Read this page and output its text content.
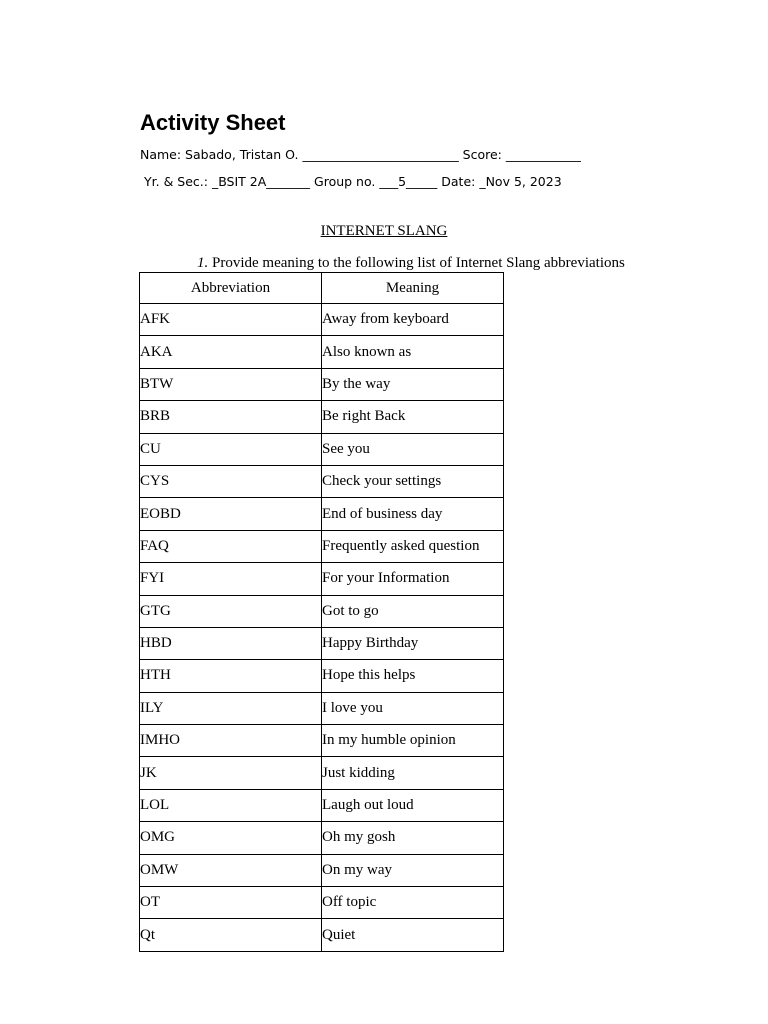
Activity Sheet
Name: Sabado, Tristan O. _________________________ Score: ____________
Yr. & Sec.: _BSIT 2A_______ Group no. ___5_____ Date: _Nov 5, 2023
INTERNET SLANG
1. Provide meaning to the following list of Internet Slang abbreviations
Abbreviation	Meaning
AFK	Away from keyboard
AKA	Also known as
BTW	By the way
BRB	Be right Back
CU	See you
CYS	Check your settings
EOBD	End of business day
FAQ	Frequently asked question
FYI	For your Information
GTG	Got to go
HBD	Happy Birthday
HTH	Hope this helps
ILY	I love you
IMHO	In my humble opinion
JK	Just kidding
LOL	Laugh out loud
OMG	Oh my gosh
OMW	On my way
OT	Off topic
Qt	Quiet
